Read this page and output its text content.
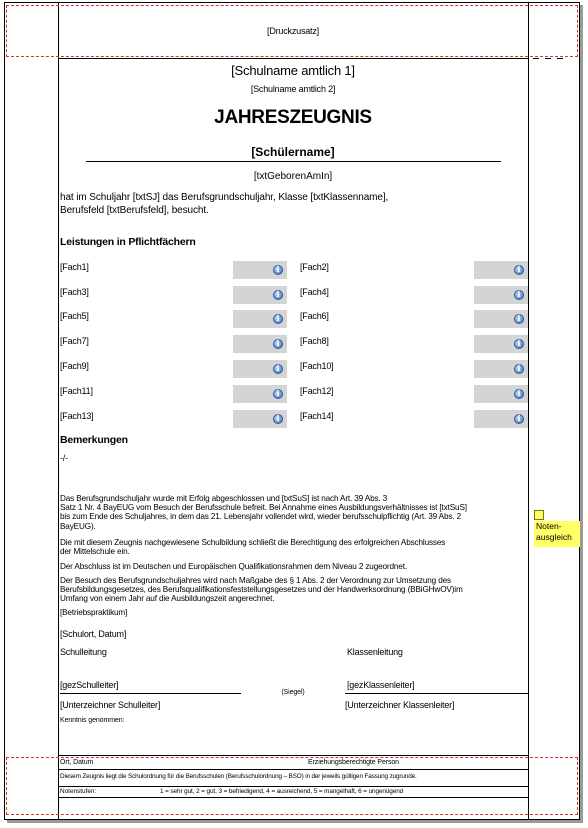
[Druckzusatz]
[Schulname amtlich 1]
[Schulname amtlich 2]
JAHRESZEUGNIS
[Schülername]
[txtGeborenAmIn]
hat im Schuljahr [txtSJ] das Berufsgrundschuljahr, Klasse [txtKlassenname],
Berufsfeld [txtBerufsfeld], besucht.
Leistungen in Pflichtfächern
[Fach1] i	[Fach2]
i
[Fach3] i	[Fach4]
i
[Fach5] i	[Fach6]
i
[Fach7] i	[Fach8]
i
[Fach9] i	[Fach10]
i
[Fach11] i	[Fach12]
i
[Fach13] i	[Fach14]
i
Bemerkungen
-/-
Das Berufsgrundschuljahr wurde mit Erfolg abgeschlossen und [txtSuS] ist nach Art. 39 Abs. 3
Satz 1 Nr. 4 BayEUG vom Besuch der Berufsschule befreit. Bei Annahme eines Ausbildungsverhältnisses ist [txtSuS]
bis zum Ende des Schuljahres, in dem das 21. Lebensjahr vollendet wird, wieder berufsschulpflichtig (Art. 39 Abs. 2
BayEUG).
Die mit diesem Zeugnis nachgewiesene Schulbildung schließt die Berechtigung des erfolgreichen Abschlusses
der Mittelschule ein.
Der Abschluss ist im Deutschen und Europäischen Qualifikationsrahmen dem Niveau 2 zugeordnet.
Der Besuch des Berufsgrundschuljahres wird nach Maßgabe des § 1 Abs. 2 der Verordnung zur Umsetzung des
Berufsbildungsgesetzes, des Berufsqualifikationsfeststellungsgesetzes und der Handwerksordnung (BBiGHwOV)im
Umfang von einem Jahr auf die Ausbildungszeit angerechnet.
[Betriebspraktikum]
[Schulort, Datum]
Schulleitung	Klassenleitung
[gezSchulleiter]	[gezKlassenleiter]
(Siegel)
[Unterzeichner Schulleiter]	[Unterzeichner Klassenleiter]
Kenntnis genommen:
Ort, Datum	Erziehungsberechtigte Person
Diesem Zeugnis liegt die Schulordnung für die Berufsschulen (Berufsschulordnung – BSO) in der jeweils gültigen Fassung zugrunde.
Notenstufen:	1 = sehr gut, 2 = gut, 3 = befriedigend, 4 = ausreichend, 5 = mangelhaft, 6 = ungenügend
Noten-
ausgleich
